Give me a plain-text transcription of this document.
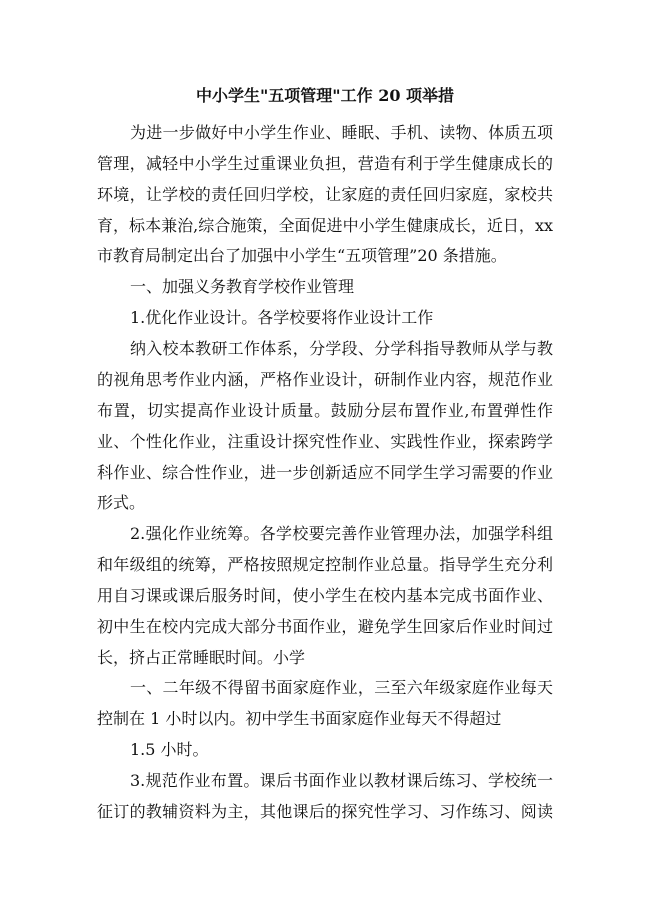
中小学生"五项管理"工作 20 项举措
为进一步做好中小学生作业、睡眠、手机、读物、体质五项
管理，减轻中小学生过重课业负担，营造有利于学生健康成长的
环境，让学校的责任回归学校，让家庭的责任回归家庭，家校共
育，标本兼治,综合施策，全面促进中小学生健康成长，近日，xx
市教育局制定出台了加强中小学生“五项管理”20 条措施。
一、加强义务教育学校作业管理
1.优化作业设计。各学校要将作业设计工作
纳入校本教研工作体系，分学段、分学科指导教师从学与教
的视角思考作业内涵，严格作业设计，研制作业内容，规范作业
布置，切实提高作业设计质量。鼓励分层布置作业,布置弹性作
业、个性化作业，注重设计探究性作业、实践性作业，探索跨学
科作业、综合性作业，进一步创新适应不同学生学习需要的作业
形式。
2.强化作业统筹。各学校要完善作业管理办法，加强学科组
和年级组的统筹，严格按照规定控制作业总量。指导学生充分利
用自习课或课后服务时间，使小学生在校内基本完成书面作业、
初中生在校内完成大部分书面作业，避免学生回家后作业时间过
长，挤占正常睡眠时间。小学
一、二年级不得留书面家庭作业，三至六年级家庭作业每天
控制在 1 小时以内。初中学生书面家庭作业每天不得超过
1.5 小时。
3.规范作业布置。课后书面作业以教材课后练习、学校统一
征订的教辅资料为主，其他课后的探究性学习、习作练习、阅读
